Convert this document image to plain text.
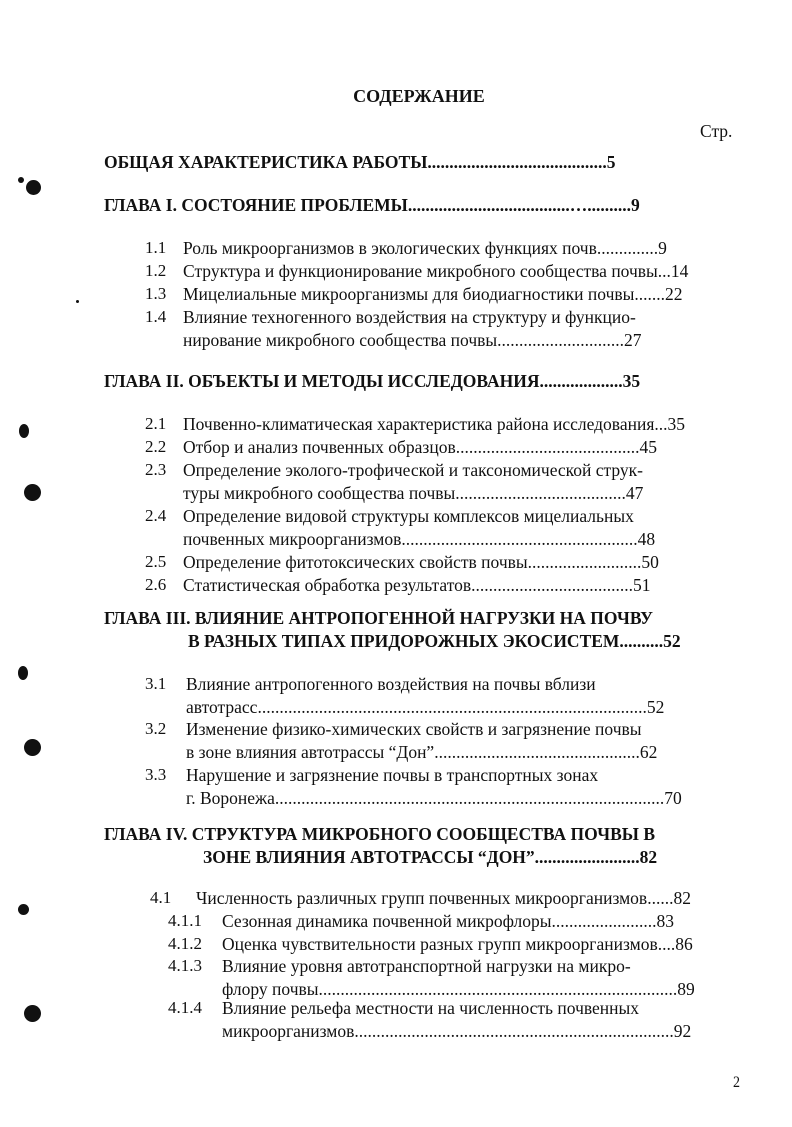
СОДЕРЖАНИЕ
Стр.
ОБЩАЯ ХАРАКТЕРИСТИКА РАБОТЫ.........................................5
ГЛАВА I. СОСТОЯНИЕ ПРОБЛЕМЫ.....................................…..........9
1.1 Роль микроорганизмов в экологических функциях почв..............9
1.2 Структура и функционирование микробного сообщества почвы...14
1.3 Мицелиальные микроорганизмы для биодиагностики почвы.......22
1.4 Влияние техногенного воздействия на структуру и функцио-
нирование микробного сообщества почвы.............................27
ГЛАВА II. ОБЪЕКТЫ И МЕТОДЫ ИССЛЕДОВАНИЯ...................35
2.1 Почвенно-климатическая характеристика района исследования...35
2.2 Отбор и анализ почвенных образцов..........................................45
2.3 Определение эколого-трофической и таксономической струк-
туры микробного сообщества почвы.......................................47
2.4 Определение видовой структуры комплексов мицелиальных
почвенных микроорганизмов......................................................48
2.5 Определение фитотоксических свойств почвы..........................50
2.6 Статистическая обработка результатов.....................................51
ГЛАВА III. ВЛИЯНИЕ АНТРОПОГЕННОЙ НАГРУЗКИ НА ПОЧВУ
В РАЗНЫХ ТИПАХ ПРИДОРОЖНЫХ ЭКОСИСТЕМ..........52
3.1 Влияние антропогенного воздействия на почвы вблизи
автотрасс.........................................................................................52
3.2 Изменение физико-химических свойств и загрязнение почвы
в зоне влияния автотрассы “Дон”...............................................62
3.3 Нарушение и загрязнение почвы в транспортных зонах
г. Воронежа.........................................................................................70
ГЛАВА IV. СТРУКТУРА МИКРОБНОГО СООБЩЕСТВА ПОЧВЫ В
ЗОНЕ ВЛИЯНИЯ АВТОТРАССЫ “ДОН”........................82
4.1 Численность различных групп почвенных микроорганизмов......82
4.1.1 Сезонная динамика почвенной микрофлоры........................83
4.1.2 Оценка чувствительности разных групп микроорганизмов....86
4.1.3 Влияние уровня автотранспортной нагрузки на микро-
флору почвы..................................................................................89
4.1.4 Влияние рельефа местности на численность почвенных
микроорганизмов.........................................................................92
2
